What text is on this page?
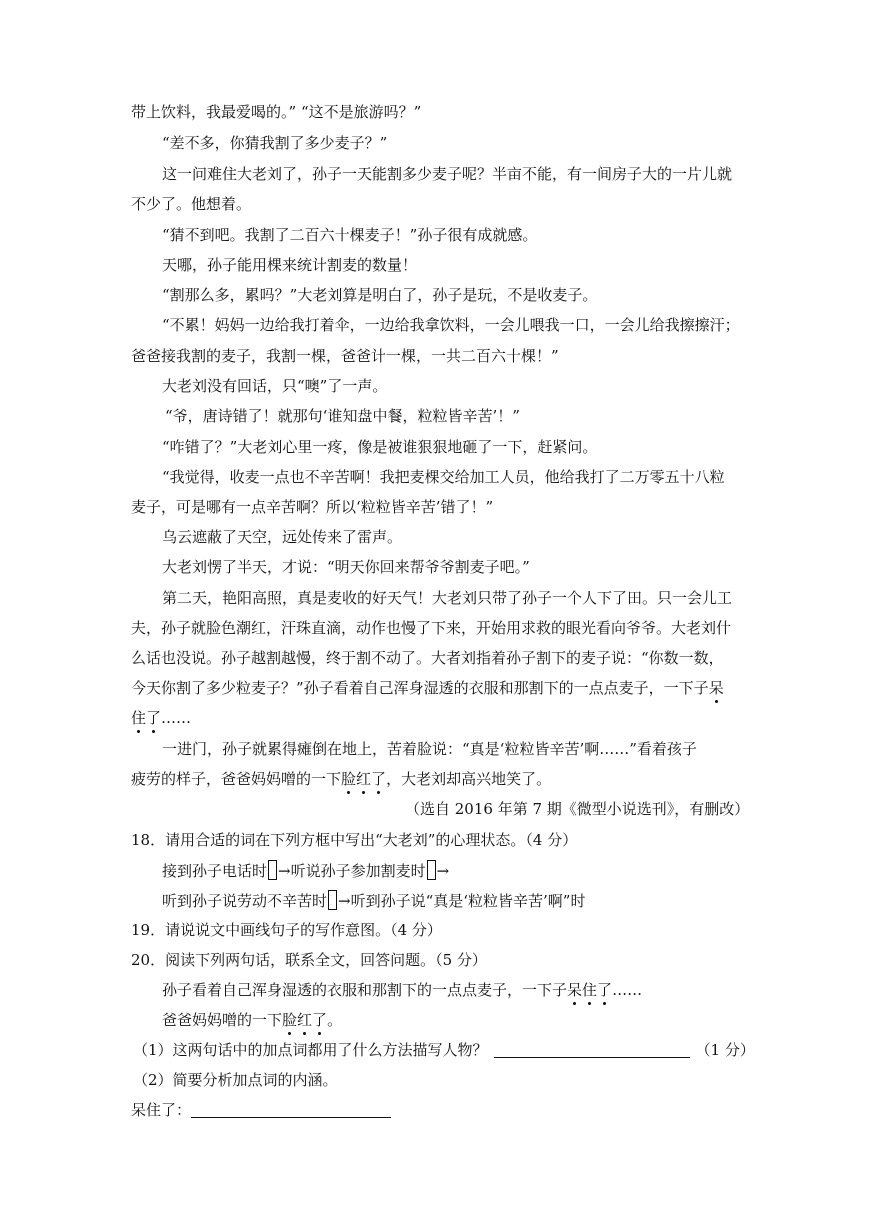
带上饮料，我最爱喝的。” “这不是旅游吗？”
“差不多，你猜我割了多少麦子？”
这一问难住大老刘了，孙子一天能割多少麦子呢？半亩不能，有一间房子大的一片儿就
不少了。他想着。
“猜不到吧。我割了二百六十棵麦子！”孙子很有成就感。
天哪，孙子能用棵来统计割麦的数量！
“割那么多，累吗？”大老刘算是明白了，孙子是玩，不是收麦子。
“不累！妈妈一边给我打着伞，一边给我拿饮料，一会儿喂我一口，一会儿给我擦擦汗；
爸爸接我割的麦子，我割一棵，爸爸计一棵，一共二百六十棵！”
大老刘没有回话，只“噢”了一声。
“爷，唐诗错了！就那句‘谁知盘中餐，粒粒皆辛苦’！”
“咋错了？”大老刘心里一疼，像是被谁狠狠地砸了一下，赶紧问。
“我觉得，收麦一点也不辛苦啊！我把麦棵交给加工人员，他给我打了二万零五十八粒
麦子，可是哪有一点辛苦啊？所以‘粒粒皆辛苦’错了！”
乌云遮蔽了天空，远处传来了雷声。
大老刘愣了半天，才说：“明天你回来帮爷爷割麦子吧。”
第二天，艳阳高照，真是麦收的好天气！大老刘只带了孙子一个人下了田。只一会儿工
夫，孙子就脸色潮红，汗珠直滴，动作也慢了下来，开始用求救的眼光看向爷爷。大老刘什
么话也没说。孙子越割越慢，终于割不动了。大者刘指着孙子割下的麦子说：“你数一数，
今天你割了多少粒麦子？”孙子看着自己浑身湿透的衣服和那割下的一点点麦子，一下子呆
住了……
一进门，孙子就累得瘫倒在地上，苦着脸说：“真是‘粒粒皆辛苦’啊……”看着孩子
疲劳的样子，爸爸妈妈噌的一下脸红了，大老刘却高兴地笑了。
（选自 2016 年第 7 期《微型小说选刊》，有删改）
18．请用合适的词在下列方框中写出“大老刘”的心理状态。（4 分）
接到孙子电话时 →听说孙子参加割麦时 →
听到孙子说劳动不辛苦时 →听到孙子说“真是‘粒粒皆辛苦’啊”时
19．请说说文中画线句子的写作意图。（4 分）
20．阅读下列两句话，联系全文，回答问题。（5 分）
孙子看着自己浑身湿透的衣服和那割下的一点点麦子，一下子呆住了……
爸爸妈妈噌的一下脸红了。
（1）这两句话中的加点词都用了什么方法描写人物？	（1 分）
（2）简要分析加点词的内涵。
呆住了：
